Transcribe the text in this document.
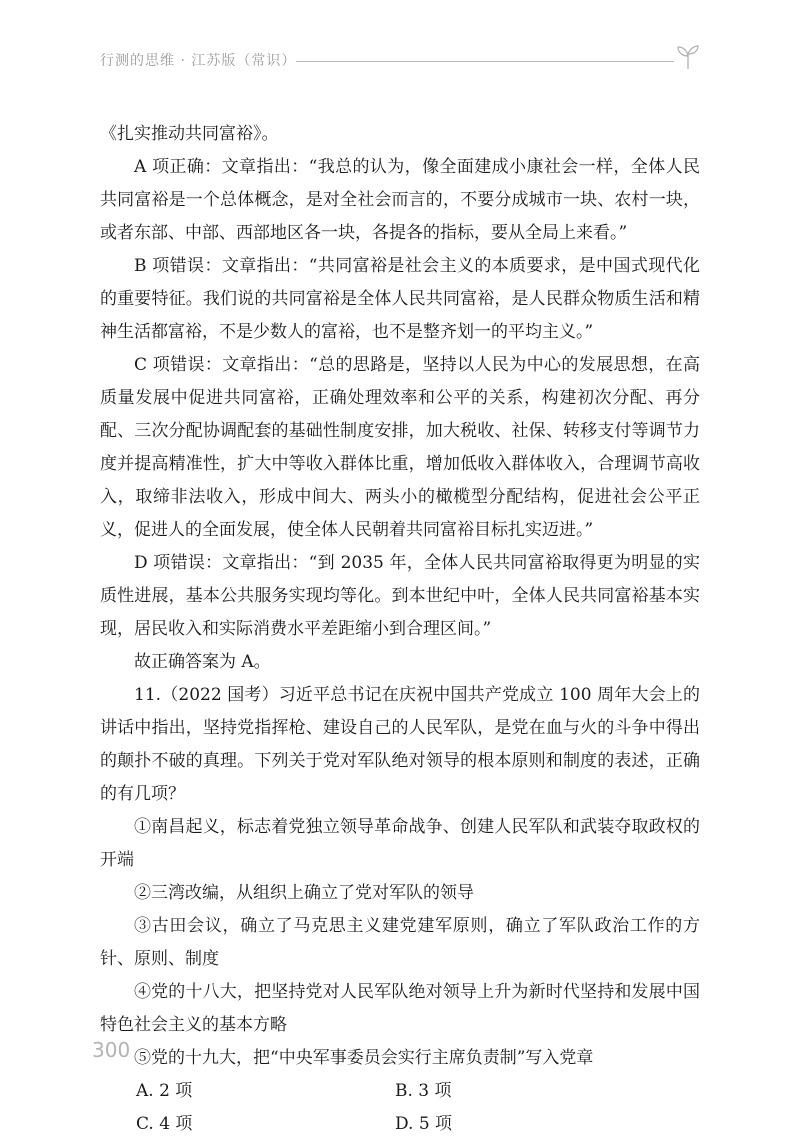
行测的思维 · 江苏版（常识）

《扎实推动共同富裕》。

A 项正确：文章指出：“我总的认为，像全面建成小康社会一样，全体人民共同富裕是一个总体概念，是对全社会而言的，不要分成城市一块、农村一块，或者东部、中部、西部地区各一块，各提各的指标，要从全局上来看。”

B 项错误：文章指出：“共同富裕是社会主义的本质要求，是中国式现代化的重要特征。我们说的共同富裕是全体人民共同富裕，是人民群众物质生活和精神生活都富裕，不是少数人的富裕，也不是整齐划一的平均主义。”

C 项错误：文章指出：“总的思路是，坚持以人民为中心的发展思想，在高质量发展中促进共同富裕，正确处理效率和公平的关系，构建初次分配、再分配、三次分配协调配套的基础性制度安排，加大税收、社保、转移支付等调节力度并提高精准性，扩大中等收入群体比重，增加低收入群体收入，合理调节高收入，取缔非法收入，形成中间大、两头小的橄榄型分配结构，促进社会公平正义，促进人的全面发展，使全体人民朝着共同富裕目标扎实迈进。”

D 项错误：文章指出：“到 2035 年，全体人民共同富裕取得更为明显的实质性进展，基本公共服务实现均等化。到本世纪中叶，全体人民共同富裕基本实现，居民收入和实际消费水平差距缩小到合理区间。”

故正确答案为 A。

11.（2022 国考）习近平总书记在庆祝中国共产党成立 100 周年大会上的讲话中指出，坚持党指挥枪、建设自己的人民军队，是党在血与火的斗争中得出的颠扑不破的真理。下列关于党对军队绝对领导的根本原则和制度的表述，正确的有几项？

①南昌起义，标志着党独立领导革命战争、创建人民军队和武装夺取政权的开端

②三湾改编，从组织上确立了党对军队的领导

③古田会议，确立了马克思主义建党建军原则，确立了军队政治工作的方针、原则、制度

④党的十八大，把坚持党对人民军队绝对领导上升为新时代坚持和发展中国特色社会主义的基本方略

⑤党的十九大，把“中央军事委员会实行主席负责制”写入党章

A. 2 项	B. 3 项
C. 4 项	D. 5 项
300
